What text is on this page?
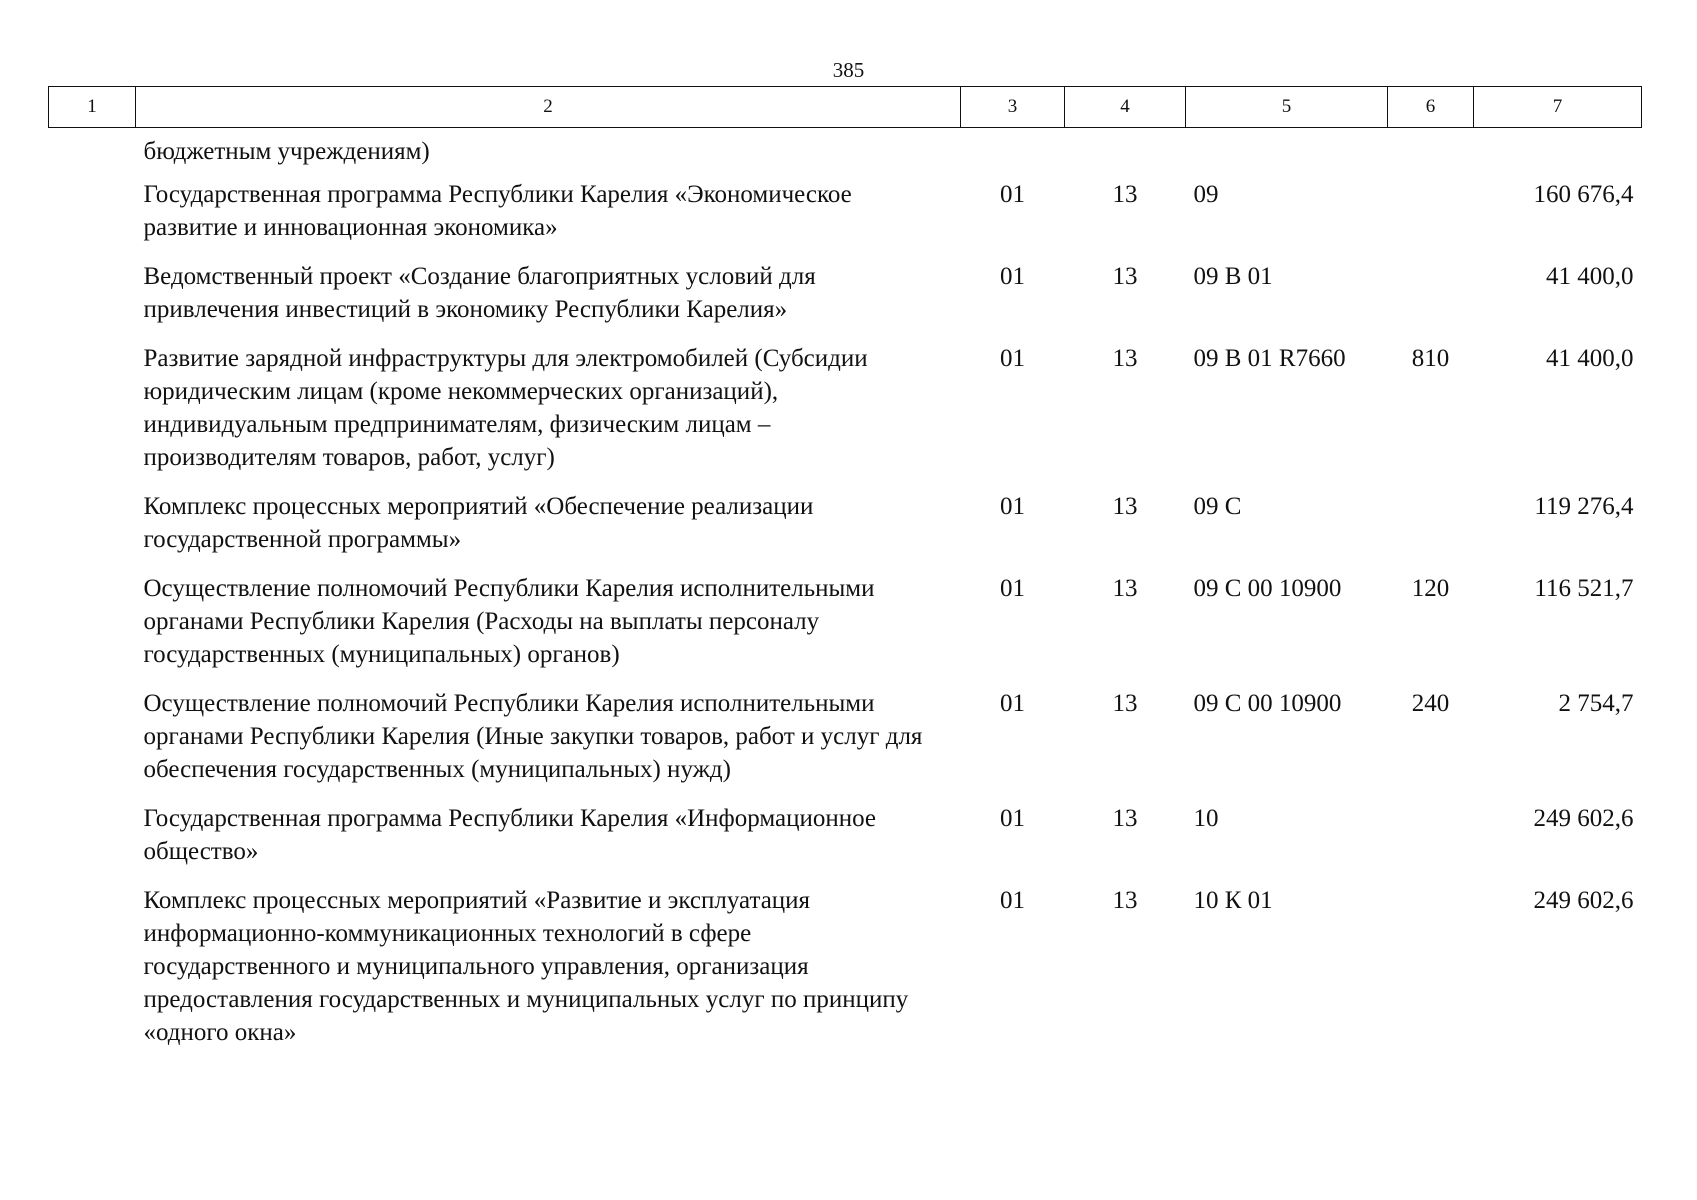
385
1	2	3	4	5	6	7
	бюджетным учреждениям)					
	Государственная программа Республики Карелия «Экономическое развитие и инновационная экономика»	01	13	09		160 676,4
	Ведомственный проект «Создание благоприятных условий для привлечения инвестиций в экономику Республики Карелия»	01	13	09 В 01		41 400,0
	Развитие зарядной инфраструктуры для электромобилей (Субсидии юридическим лицам (кроме некоммерческих организаций), индивидуальным предпринимателям, физическим лицам – производителям товаров, работ, услуг)	01	13	09 В 01 R7660	810	41 400,0
	Комплекс процессных мероприятий «Обеспечение реализации государственной программы»	01	13	09 С		119 276,4
	Осуществление полномочий Республики Карелия исполнительными органами Республики Карелия (Расходы на выплаты персоналу государственных (муниципальных) органов)	01	13	09 С 00 10900	120	116 521,7
	Осуществление полномочий Республики Карелия исполнительными органами Республики Карелия (Иные закупки товаров, работ и услуг для обеспечения государственных (муниципальных) нужд)	01	13	09 С 00 10900	240	2 754,7
	Государственная программа Республики Карелия «Информационное общество»	01	13	10		249 602,6
	Комплекс процессных мероприятий «Развитие и эксплуатация информационно-коммуникационных технологий в сфере государственного и муниципального управления, организация предоставления государственных и муниципальных услуг по принципу «одного окна»	01	13	10 К 01		249 602,6
